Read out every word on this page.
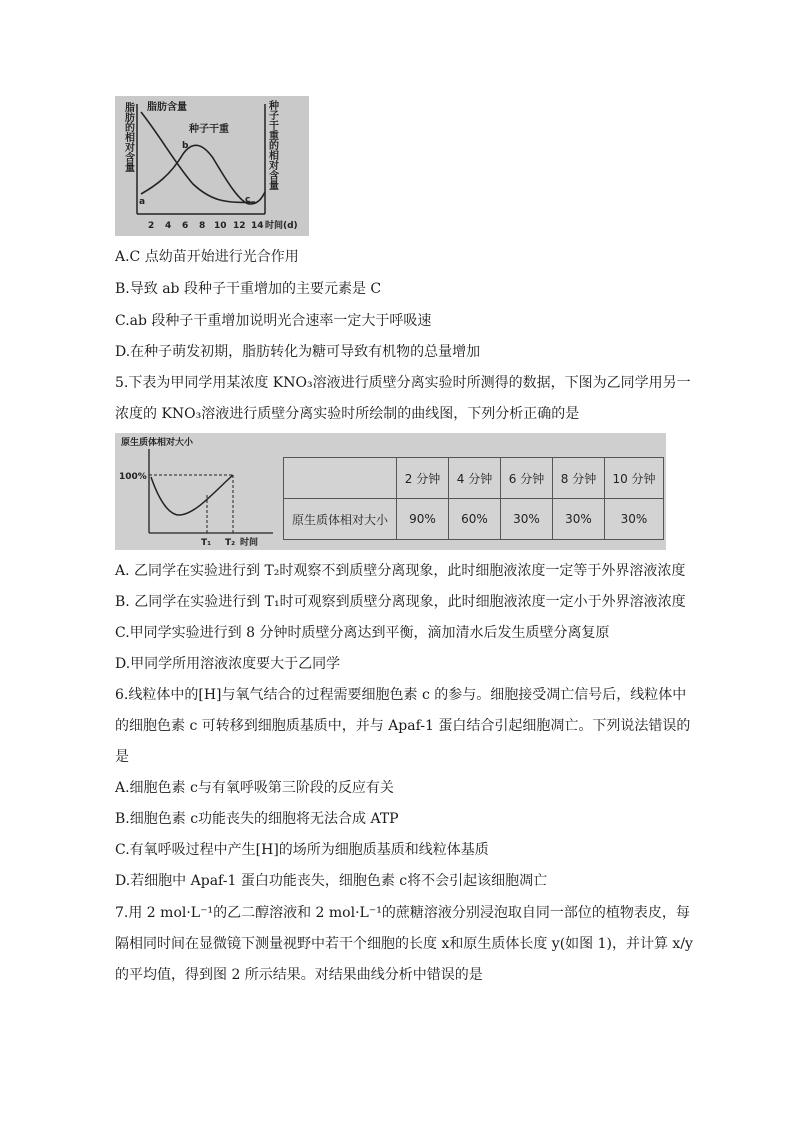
脂肪的相对含量	种子干重的相对含量
脂肪含量
种子干重
a
b
c
2 4 6 8 10 12 14 时间(d)
A.C 点幼苗开始进行光合作用
B.导致 ab 段种子干重增加的主要元素是 C
C.ab 段种子干重增加说明光合速率一定大于呼吸速
D.在种子萌发初期，脂肪转化为糖可导致有机物的总量增加
5.下表为甲同学用某浓度 KNO₃溶液进行质壁分离实验时所测得的数据，下图为乙同学用另一
浓度的 KNO₃溶液进行质壁分离实验时所绘制的曲线图，下列分析正确的是
原生质体相对大小
100%
T₁ T₂ 时间
	2 分钟	4 分钟	6 分钟	8 分钟	10 分钟
原生质体相对大小	90%	60%	30%	30%	30%
A. 乙同学在实验进行到 T₂时观察不到质壁分离现象，此时细胞液浓度一定等于外界溶液浓度
B. 乙同学在实验进行到 T₁时可观察到质壁分离现象，此时细胞液浓度一定小于外界溶液浓度
C.甲同学实验进行到 8 分钟时质壁分离达到平衡，滴加清水后发生质壁分离复原
D.甲同学所用溶液浓度要大于乙同学
6.线粒体中的[H]与氧气结合的过程需要细胞色素 c 的参与。细胞接受凋亡信号后，线粒体中
的细胞色素 c 可转移到细胞质基质中，并与 Apaf-1 蛋白结合引起细胞凋亡。下列说法错误的
是
A.细胞色素 c与有氧呼吸第三阶段的反应有关
B.细胞色素 c功能丧失的细胞将无法合成 ATP
C.有氧呼吸过程中产生[H]的场所为细胞质基质和线粒体基质
D.若细胞中 Apaf-1 蛋白功能丧失，细胞色素 c将不会引起该细胞凋亡
7.用 2 mol·L⁻¹的乙二醇溶液和 2 mol·L⁻¹的蔗糖溶液分别浸泡取自同一部位的植物表皮，每
隔相同时间在显微镜下测量视野中若干个细胞的长度 x和原生质体长度 y(如图 1)，并计算 x/y
的平均值，得到图 2 所示结果。对结果曲线分析中错误的是
